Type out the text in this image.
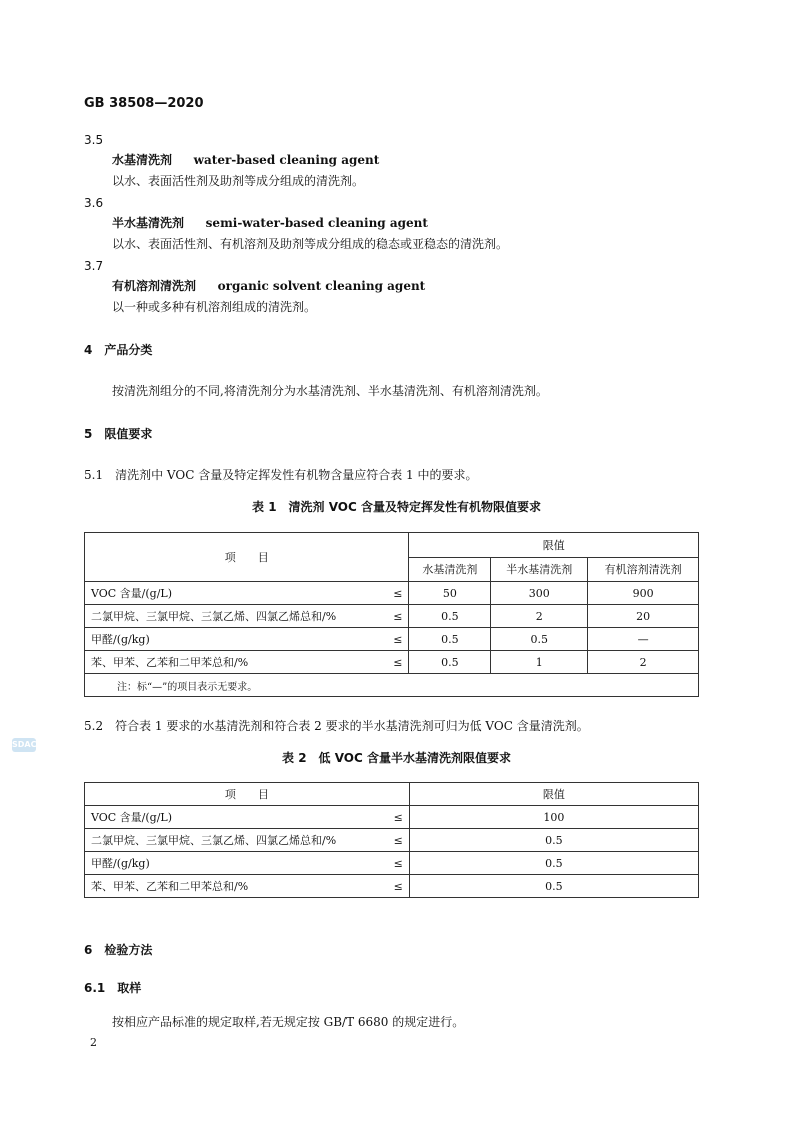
GB 38508—2020
3.5
水基清洗剂 water-based cleaning agent
以水、表面活性剂及助剂等成分组成的清洗剂。
3.6
半水基清洗剂 semi-water-based cleaning agent
以水、表面活性剂、有机溶剂及助剂等成分组成的稳态或亚稳态的清洗剂。
3.7
有机溶剂清洗剂 organic solvent cleaning agent
以一种或多种有机溶剂组成的清洗剂。
4　产品分类
按清洗剂组分的不同,将清洗剂分为水基清洗剂、半水基清洗剂、有机溶剂清洗剂。
5　限值要求
5.1　清洗剂中 VOC 含量及特定挥发性有机物含量应符合表 1 中的要求。
表 1　清洗剂 VOC 含量及特定挥发性有机物限值要求
项　　目	限值		
	水基清洗剂	半水基清洗剂	有机溶剂清洗剂

VOC 含量/(g/L) ≤	50	300	900

二氯甲烷、三氯甲烷、三氯乙烯、四氯乙烯总和/% ≤	0.5	2	20

甲醛/(g/kg) ≤	0.5	0.5	—

苯、甲苯、乙苯和二甲苯总和/% ≤	0.5	1	2
注：标“—”的项目表示无要求。			
5.2　符合表 1 要求的水基清洗剂和符合表 2 要求的半水基清洗剂可归为低 VOC 含量清洗剂。
表 2　低 VOC 含量半水基清洗剂限值要求
项　　目	限值

VOC 含量/(g/L) ≤	100

二氯甲烷、三氯甲烷、三氯乙烯、四氯乙烯总和/% ≤	0.5

甲醛/(g/kg) ≤	0.5

苯、甲苯、乙苯和二甲苯总和/% ≤	0.5
6　检验方法
6.1　取样
按相应产品标准的规定取样,若无规定按 GB/T 6680 的规定进行。
2
SDAC
